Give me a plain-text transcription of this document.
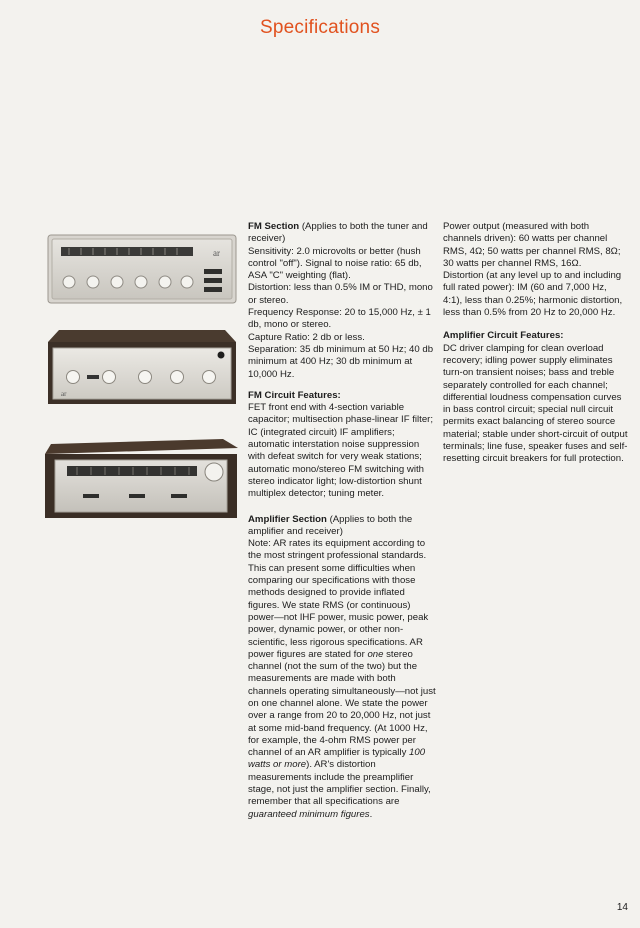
Specifications
ar
ar

FM Section (Applies to both the tuner and receiver)

Sensitivity: 2.0 microvolts or better (hush control "off"). Signal to noise ratio: 65 db, ASA "C" weighting (flat).

Distortion: less than 0.5% IM or THD, mono or stereo.

Frequency Response: 20 to 15,000 Hz, ± 1 db, mono or stereo.

Capture Ratio: 2 db or less.

Separation: 35 db minimum at 50 Hz; 40 db minimum at 400 Hz; 30 db minimum at 10,000 Hz.

FM Circuit Features:

FET front end with 4-section variable capacitor; multisection phase-linear IF filter; IC (integrated circuit) IF amplifiers; automatic interstation noise suppression with defeat switch for very weak stations; automatic mono/stereo FM switching with stereo indicator light; low-distortion shunt multiplex detector; tuning meter.

Amplifier Section (Applies to both the amplifier and receiver)

Note: AR rates its equipment according to the most stringent professional standards. This can present some difficulties when comparing our specifications with those methods designed to provide inflated figures. We state RMS (or continuous) power—not IHF power, music power, peak power, dynamic power, or other non-scientific, less rigorous specifications. AR power figures are stated for one stereo channel (not the sum of the two) but the measurements are made with both channels operating simultaneously—not just on one channel alone. We state the power over a range from 20 to 20,000 Hz, not just at some mid-band frequency. (At 1000 Hz, for example, the 4-ohm RMS power per channel of an AR amplifier is typically 100 watts or more). AR's distortion measurements include the preamplifier stage, not just the amplifier section. Finally, remember that all specifications are guaranteed minimum figures.

Power output (measured with both channels driven): 60 watts per channel RMS, 4Ω; 50 watts per channel RMS, 8Ω; 30 watts per channel RMS, 16Ω.

Distortion (at any level up to and including full rated power): IM (60 and 7,000 Hz, 4:1), less than 0.25%; harmonic distortion, less than 0.5% from 20 Hz to 20,000 Hz.

Amplifier Circuit Features:

DC driver clamping for clean overload recovery; idling power supply eliminates turn-on transient noises; bass and treble separately controlled for each channel; differential loudness compensation curves in bass control circuit; special null circuit permits exact balancing of stereo source material; stable under short-circuit of output terminals; line fuse, speaker fuses and self-resetting circuit breakers for full protection.

14
